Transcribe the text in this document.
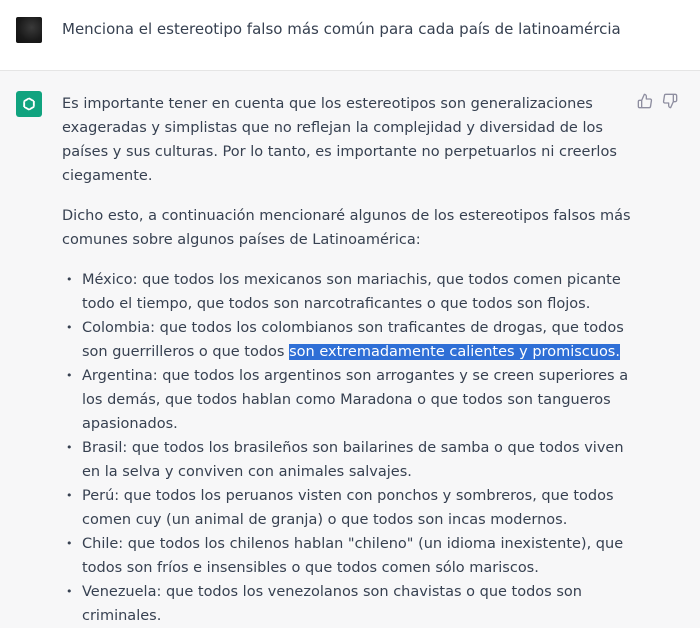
Menciona el estereotipo falso más común para cada país de latinoamércia

Es importante tener en cuenta que los estereotipos son generalizaciones exageradas y simplistas que no reflejan la complejidad y diversidad de los países y sus culturas. Por lo tanto, es importante no perpetuarlos ni creerlos ciegamente.

Dicho esto, a continuación mencionaré algunos de los estereotipos falsos más comunes sobre algunos países de Latinoamérica:

• México: que todos los mexicanos son mariachis, que todos comen picante todo el tiempo, que todos son narcotraficantes o que todos son flojos.
• Colombia: que todos los colombianos son traficantes de drogas, que todos son guerrilleros o que todos son extremadamente calientes y promiscuos.
• Argentina: que todos los argentinos son arrogantes y se creen superiores a los demás, que todos hablan como Maradona o que todos son tangueros apasionados.
• Brasil: que todos los brasileños son bailarines de samba o que todos viven en la selva y conviven con animales salvajes.
• Perú: que todos los peruanos visten con ponchos y sombreros, que todos comen cuy (un animal de granja) o que todos son incas modernos.
• Chile: que todos los chilenos hablan "chileno" (un idioma inexistente), que todos son fríos e insensibles o que todos comen sólo mariscos.
• Venezuela: que todos los venezolanos son chavistas o que todos son criminales.
